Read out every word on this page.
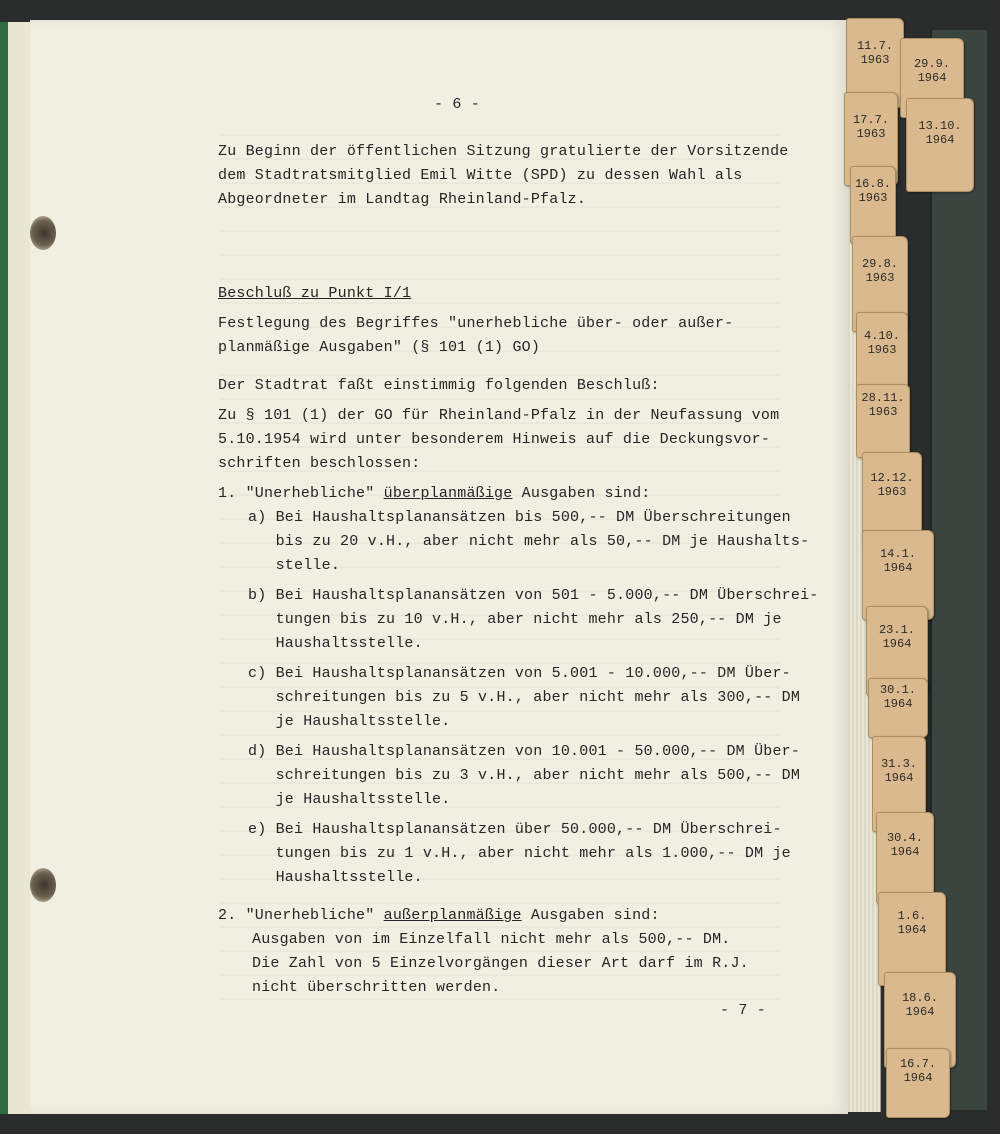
- 6 -
Zu Beginn der öffentlichen Sitzung gratulierte der Vorsitzende
dem Stadtratsmitglied Emil Witte (SPD) zu dessen Wahl als
Abgeordneter im Landtag Rheinland-Pfalz.
Beschluß zu Punkt I/1
Festlegung des Begriffes "unerhebliche über- oder außer-
planmäßige Ausgaben" (§ 101 (1) GO)
Der Stadtrat faßt einstimmig folgenden Beschluß:
Zu § 101 (1) der GO für Rheinland-Pfalz in der Neufassung vom
5.10.1954 wird unter besonderem Hinweis auf die Deckungsvor-
schriften beschlossen:
1. "Unerhebliche" überplanmäßige Ausgaben sind:
a) Bei Haushaltsplanansätzen bis 500,-- DM Überschreitungen
bis zu 20 v.H., aber nicht mehr als 50,-- DM je Haushalts-
stelle.
b) Bei Haushaltsplanansätzen von 501 - 5.000,-- DM Überschrei-
tungen bis zu 10 v.H., aber nicht mehr als 250,-- DM je
Haushaltsstelle.
c) Bei Haushaltsplanansätzen von 5.001 - 10.000,-- DM Über-
schreitungen bis zu 5 v.H., aber nicht mehr als 300,-- DM
je Haushaltsstelle.
d) Bei Haushaltsplanansätzen von 10.001 - 50.000,-- DM Über-
schreitungen bis zu 3 v.H., aber nicht mehr als 500,-- DM
je Haushaltsstelle.
e) Bei Haushaltsplanansätzen über 50.000,-- DM Überschrei-
tungen bis zu 1 v.H., aber nicht mehr als 1.000,-- DM je
Haushaltsstelle.
2. "Unerhebliche" außerplanmäßige Ausgaben sind:
Ausgaben von im Einzelfall nicht mehr als 500,-- DM.
Die Zahl von 5 Einzelvorgängen dieser Art darf im R.J.
nicht überschritten werden.
- 7 -
11.7.
1963	29.9.
1964
17.7.
1963
13.10.
1964
16.8.
1963
29.8.
1963
4.10.
1963
28.11.
1963
12.12.
1963
14.1.
1964
23.1.
1964
30.1.
1964
31.3.
1964
30.4.
1964
1.6.
1964
18.6.
1964
16.7.
1964
